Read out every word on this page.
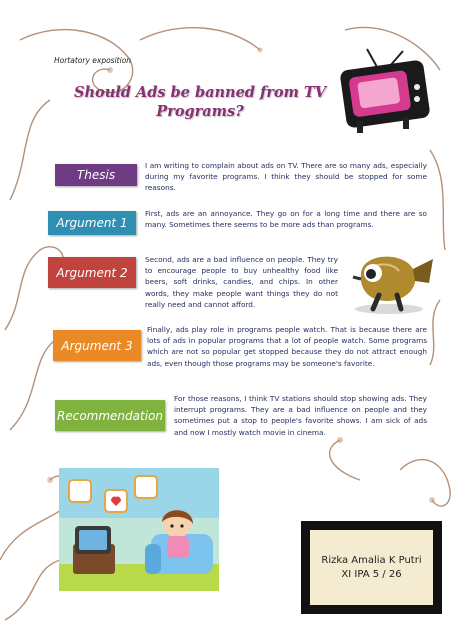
Hortatory exposition
Should Ads be banned from TV
Programs?
Thesis
I am writing to complain about ads on TV. There are so many ads, especially during my favorite programs. I think they should be stopped for some reasons.
Argument 1
First, ads are an annoyance. They go on for a long time and there are so many. Sometimes there seems to be more ads than programs.
Argument 2
Second, ads are a bad influence on people. They try to encourage people to buy unhealthy food like beers, soft drinks, candies, and chips. In other words, they make people want things they do not really need and cannot afford.
Argument 3
Finally, ads play role in programs people watch. That is because there are lots of ads in popular programs that a lot of people watch. Some programs which are not so popular get stopped because they do not attract enough ads, even though those programs may be someone's favorite.
Recommendation
For those reasons, I think TV stations should stop showing ads. They interrupt programs. They are a bad influence on people and they sometimes put a stop to people's favorite shows. I am sick of ads and now I mostly watch movie in cinema.
Rizka Amalia K Putri
XI IPA 5 / 26
